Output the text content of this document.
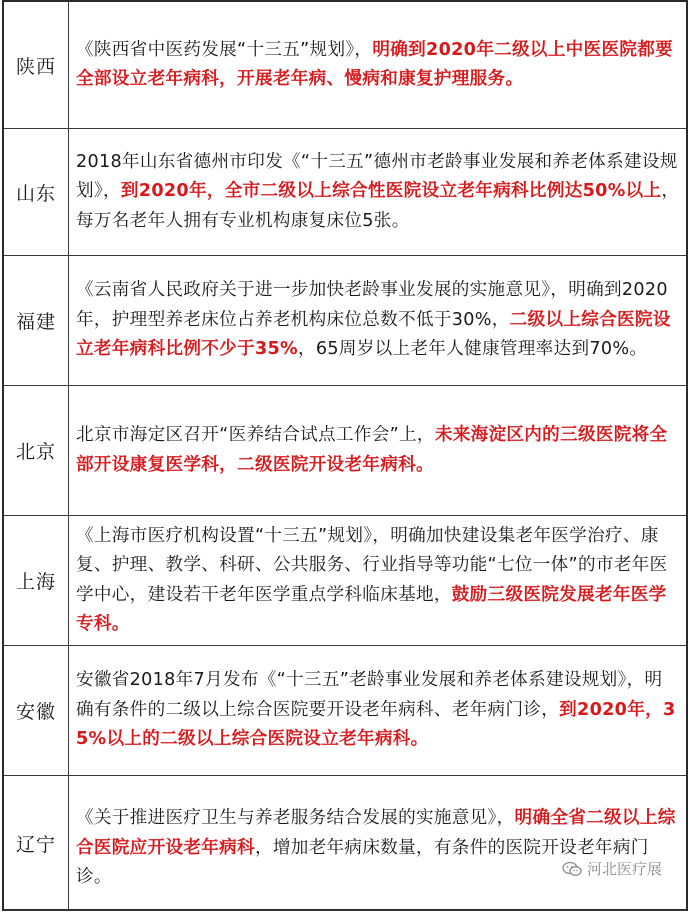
陕西
《陕西省中医药发展“十三五”规划》，明确到2020年二级以上中医医院都要全部设立老年病科，开展老年病、慢病和康复护理服务。
山东
2018年山东省德州市印发《“十三五”德州市老龄事业发展和养老体系建设规划》，到2020年，全市二级以上综合性医院设立老年病科比例达50%以上，每万名老年人拥有专业机构康复床位5张。
福建
《云南省人民政府关于进一步加快老龄事业发展的实施意见》，明确到2020年，护理型养老床位占养老机构床位总数不低于30%，二级以上综合医院设立老年病科比例不少于35%，65周岁以上老年人健康管理率达到70%。
北京
北京市海定区召开“医养结合试点工作会”上，未来海淀区内的三级医院将全部开设康复医学科，二级医院开设老年病科。
上海
《上海市医疗机构设置“十三五”规划》，明确加快建设集老年医学治疗、康复、护理、教学、科研、公共服务、行业指导等功能“七位一体”的市老年医学中心，建设若干老年医学重点学科临床基地，鼓励三级医院发展老年医学专科。
安徽
安徽省2018年7月发布《“十三五”老龄事业发展和养老体系建设规划》，明确有条件的二级以上综合医院要开设老年病科、老年病门诊，到2020年，35%以上的二级以上综合医院设立老年病科。
辽宁
《关于推进医疗卫生与养老服务结合发展的实施意见》，明确全省二级以上综合医院应开设老年病科，增加老年病床数量，有条件的医院开设老年病门诊。	河北医疗展
